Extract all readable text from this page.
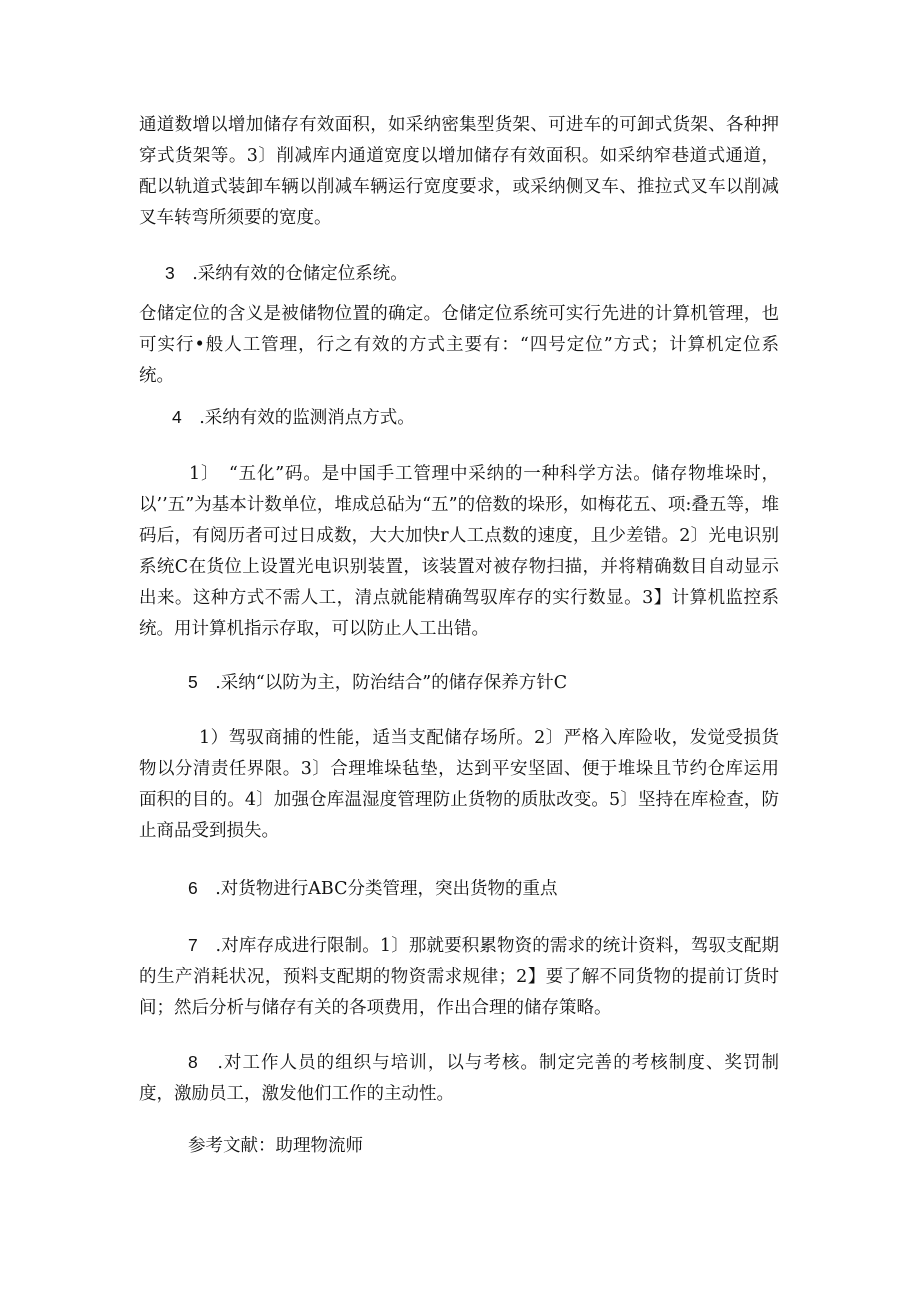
通道数增以增加储存有效面积，如采纳密集型货架、可进车的可卸式货架、各种押穿式货架等。3〕削减库内通道宽度以增加储存有效面积。如采纳窄巷道式通道，配以轨道式装卸车辆以削减车辆运行宽度要求，或采纳侧叉车、推拉式叉车以削减叉车转弯所须要的宽度。

3　 .采纳有效的仓储定位系统。

仓储定位的含义是被储物位置的确定。仓储定位系统可实行先进的计算机管理，也可实行•般人工管理，行之有效的方式主要有：“四号定位”方式；计算机定位系统。

4　 .采纳有效的监测消点方式。

1〕　“五化”码。是中国手工管理中采纳的一种科学方法。储存物堆垛时，以’’五”为基本计数单位，堆成总砧为“五”的倍数的垛形，如梅花五、项:叠五等，堆码后，有阅历者可过日成数，大大加快r人工点数的速度，且少差错。2〕光电识别系统C在货位上设置光电识别装置，该装置对被存物扫描，并将精确数目自动显示出来。这种方式不需人工，清点就能精确驾驭库存的实行数显。3】计算机监控系统。用计算机指示存取，可以防止人工出错。

5　 .采纳“以防为主，防治结合”的储存保养方针C

1）驾驭商捕的性能，适当支配储存场所。2〕严格入库险收，发觉受损货物以分清责任界限。3〕合理堆垛毡垫，达到平安坚固、便于堆垛且节约仓库运用面积的目的。4〕加强仓库温湿度管理防止货物的质肽改变。5〕坚持在库检查，防止商品受到损失。

6　 .对货物进行ABC分类管理，突出货物的重点

7　 .对库存成进行限制。1〕那就要积累物资的需求的统计资料，驾驭支配期的生产消耗状况，预料支配期的物资需求规律；2】要了解不同货物的提前订货时间；然后分析与储存有关的各项费用，作出合理的储存策略。

8　 .对工作人员的组织与培训，以与考核。制定完善的考核制度、奖罚制度，激励员工，激发他们工作的主动性。

参考文献：助理物流师
